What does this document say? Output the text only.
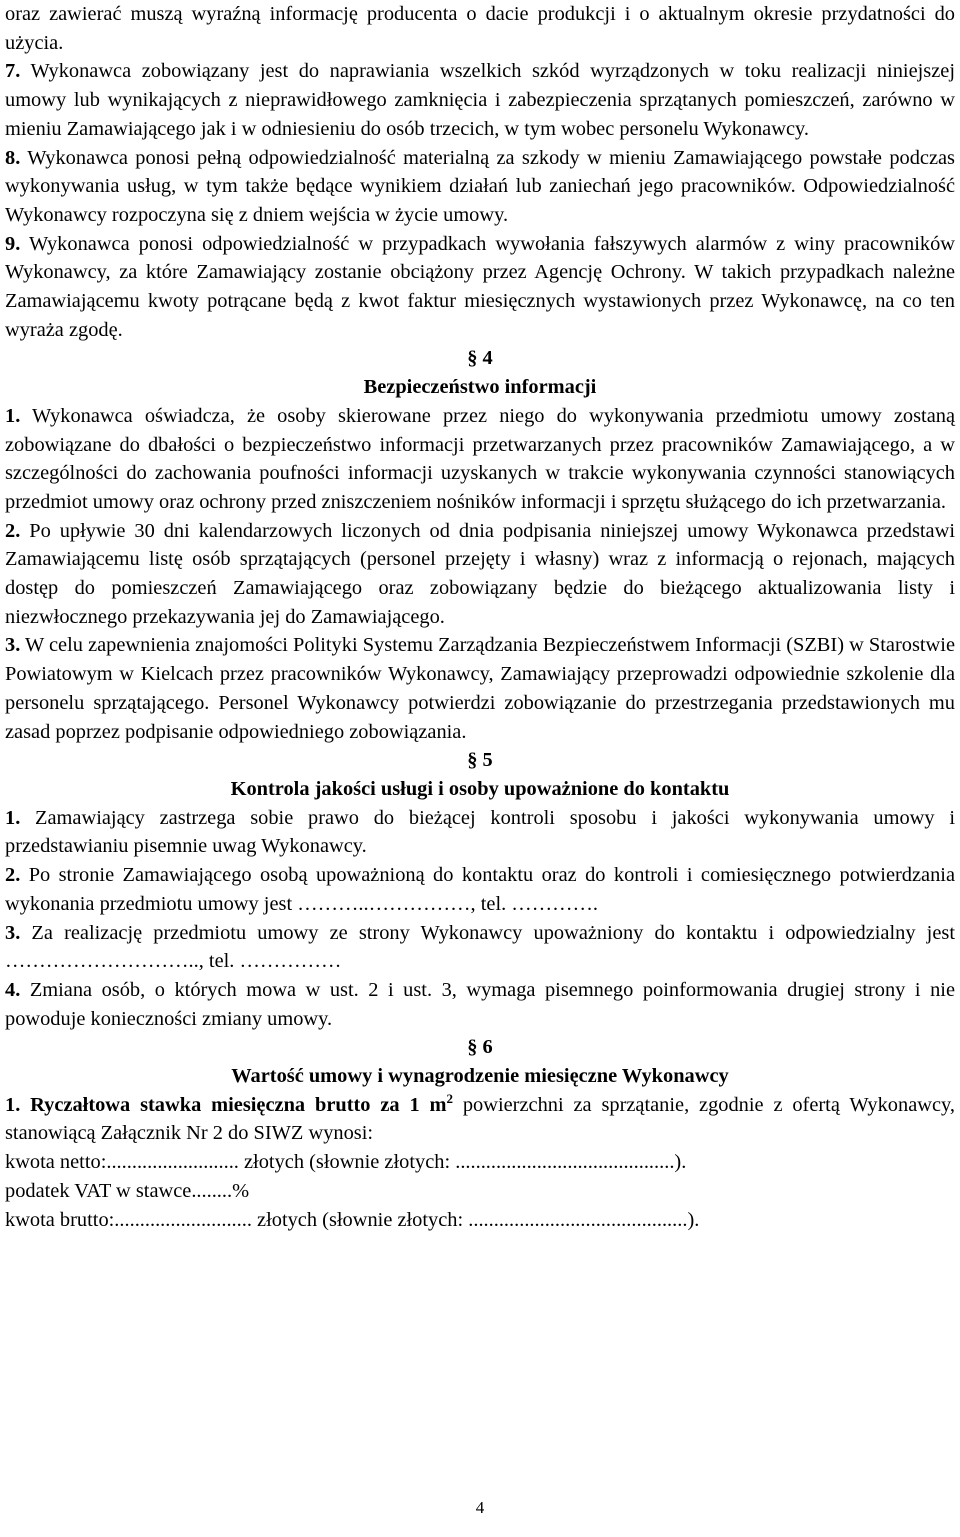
oraz zawierać muszą wyraźną informację producenta o dacie produkcji i o aktualnym okresie przydatności do użycia.

7. Wykonawca zobowiązany jest do naprawiania wszelkich szkód wyrządzonych w toku realizacji niniejszej umowy lub wynikających z nieprawidłowego zamknięcia i zabezpieczenia sprzątanych pomieszczeń, zarówno w mieniu Zamawiającego jak i w odniesieniu do osób trzecich, w tym wobec personelu Wykonawcy.

8. Wykonawca ponosi pełną odpowiedzialność materialną za szkody w mieniu Zamawiającego powstałe podczas wykonywania usług, w tym także będące wynikiem działań lub zaniechań jego pracowników. Odpowiedzialność Wykonawcy rozpoczyna się z dniem wejścia w życie umowy.

9. Wykonawca ponosi odpowiedzialność w przypadkach wywołania fałszywych alarmów z winy pracowników Wykonawcy, za które Zamawiający zostanie obciążony przez Agencję Ochrony. W takich przypadkach należne Zamawiającemu kwoty potrącane będą z kwot faktur miesięcznych wystawionych przez Wykonawcę, na co ten wyraża zgodę.

§ 4

Bezpieczeństwo informacji

1. Wykonawca oświadcza, że osoby skierowane przez niego do wykonywania przedmiotu umowy zostaną zobowiązane do dbałości o bezpieczeństwo informacji przetwarzanych przez pracowników Zamawiającego, a w szczególności do zachowania poufności informacji uzyskanych w trakcie wykonywania czynności stanowiących przedmiot umowy oraz ochrony przed zniszczeniem nośników informacji i sprzętu służącego do ich przetwarzania.

2. Po upływie 30 dni kalendarzowych liczonych od dnia podpisania niniejszej umowy Wykonawca przedstawi Zamawiającemu listę osób sprzątających (personel przejęty i własny) wraz z informacją o rejonach, mających dostęp do pomieszczeń Zamawiającego oraz zobowiązany będzie do bieżącego aktualizowania listy i niezwłocznego przekazywania jej do Zamawiającego.

3. W celu zapewnienia znajomości Polityki Systemu Zarządzania Bezpieczeństwem Informacji (SZBI) w Starostwie Powiatowym w Kielcach przez pracowników Wykonawcy, Zamawiający przeprowadzi odpowiednie szkolenie dla personelu sprzątającego. Personel Wykonawcy potwierdzi zobowiązanie do przestrzegania przedstawionych mu zasad poprzez podpisanie odpowiedniego zobowiązania.

§ 5

Kontrola jakości usługi i osoby upoważnione do kontaktu

1. Zamawiający zastrzega sobie prawo do bieżącej kontroli sposobu i jakości wykonywania umowy i przedstawianiu pisemnie uwag Wykonawcy.

2. Po stronie Zamawiającego osobą upoważnioną do kontaktu oraz do kontroli i comiesięcznego potwierdzania wykonania przedmiotu umowy jest ………..……………, tel. ………….

3. Za realizację przedmiotu umowy ze strony Wykonawcy upoważniony do kontaktu i odpowiedzialny jest ……………………….., tel. ……………

4. Zmiana osób, o których mowa w ust. 2 i ust. 3, wymaga pisemnego poinformowania drugiej strony i nie powoduje konieczności zmiany umowy.

§ 6

Wartość umowy i wynagrodzenie miesięczne Wykonawcy

1. Ryczałtowa stawka miesięczna brutto za 1 $m^2$ powierzchni za sprzątanie, zgodnie z ofertą Wykonawcy, stanowiącą Załącznik Nr 2 do SIWZ wynosi:

kwota netto:.......................... złotych (słownie złotych: ...........................................).

podatek VAT w stawce........%

kwota brutto:........................... złotych (słownie złotych: ...........................................).

4
